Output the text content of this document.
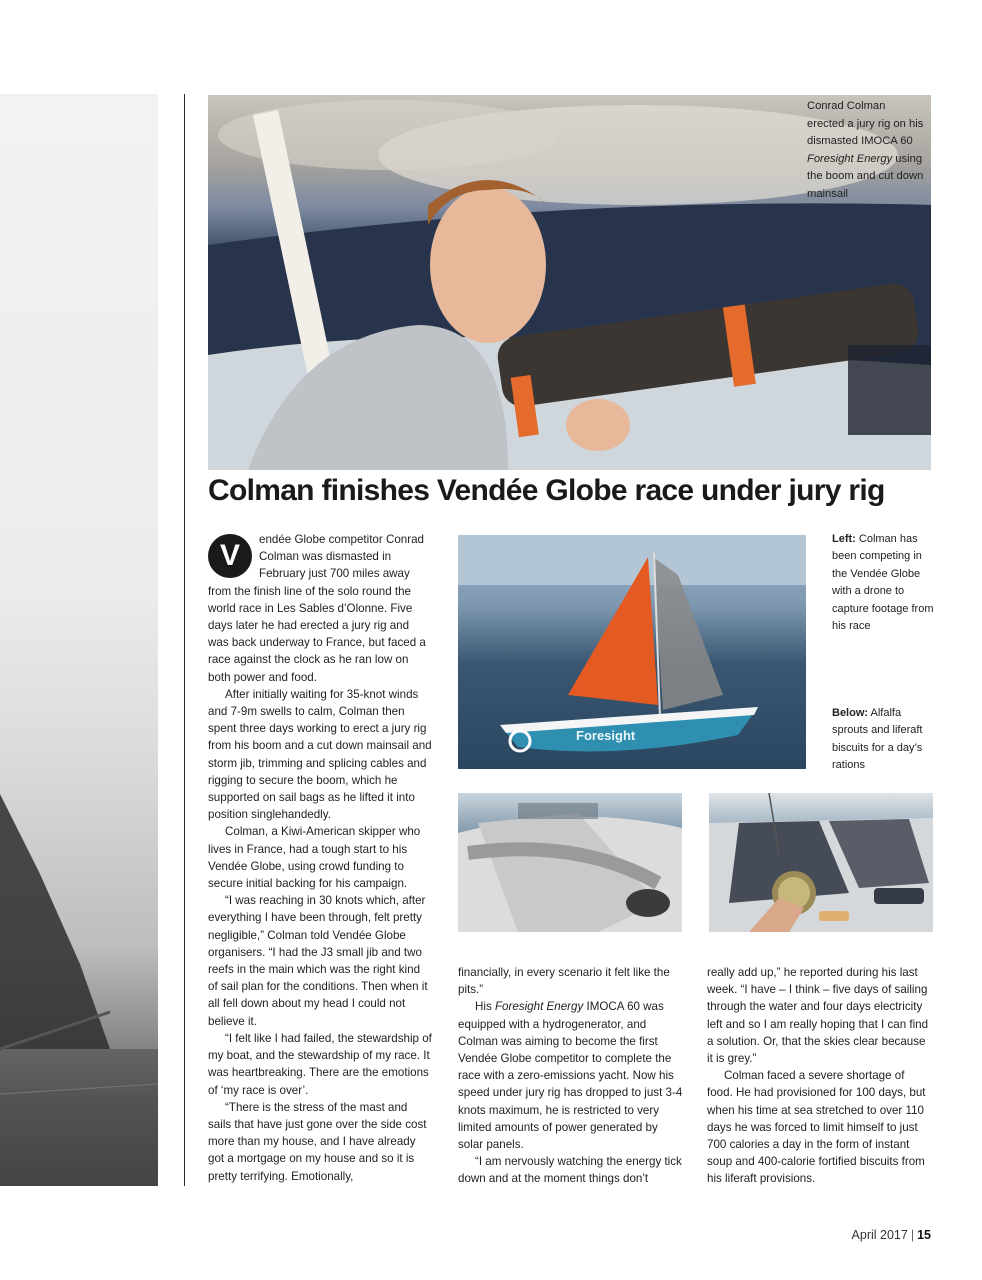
Conrad Colman erected a jury rig on his dismasted IMOCA 60 Foresight Energy using the boom and cut down mainsail
Colman finishes Vendée Globe race under jury rig

V	endée Globe competitor Conrad Colman was dismasted in February just 700 miles away from the finish line of the solo round the world race in Les Sables d’Olonne. Five days later he had erected a jury rig and was back underway to France, but faced a race against the clock as he ran low on both power and food.

After initially waiting for 35-knot winds and 7-9m swells to calm, Colman then spent three days working to erect a jury rig from his boom and a cut down mainsail and storm jib, trimming and splicing cables and rigging to secure the boom, which he supported on sail bags as he lifted it into position singlehandedly.

Colman, a Kiwi-American skipper who lives in France, had a tough start to his Vendée Globe, using crowd funding to secure initial backing for his campaign.

“I was reaching in 30 knots which, after everything I have been through, felt pretty negligible,” Colman told Vendée Globe organisers. “I had the J3 small jib and two reefs in the main which was the right kind of sail plan for the conditions. Then when it all fell down about my head I could not believe it.

“I felt like I had failed, the stewardship of my boat, and the stewardship of my race. It was heartbreaking. There are the emotions of ‘my race is over’.

“There is the stress of the mast and sails that have just gone over the side cost more than my house, and I have already got a mortgage on my house and so it is pretty terrifying. Emotionally,

Foresight
Left: Colman has been competing in the Vendée Globe with a drone to capture footage from his race
Below: Alfalfa sprouts and liferaft biscuits for a day’s rations

financially, in every scenario it felt like the pits.”

His Foresight Energy IMOCA 60 was equipped with a hydrogenerator, and Colman was aiming to become the first Vendée Globe competitor to complete the race with a zero-emissions yacht. Now his speed under jury rig has dropped to just 3-4 knots maximum, he is restricted to very limited amounts of power generated by solar panels.

“I am nervously watching the energy tick down and at the moment things don’t

really add up,” he reported during his last week. “I have – I think – five days of sailing through the water and four days electricity left and so I am really hoping that I can find a solution. Or, that the skies clear because it is grey.”

Colman faced a severe shortage of food. He had provisioned for 100 days, but when his time at sea stretched to over 110 days he was forced to limit himself to just 700 calories a day in the form of instant soup and 400-calorie fortified biscuits from his liferaft provisions.

April 2017 | 15
